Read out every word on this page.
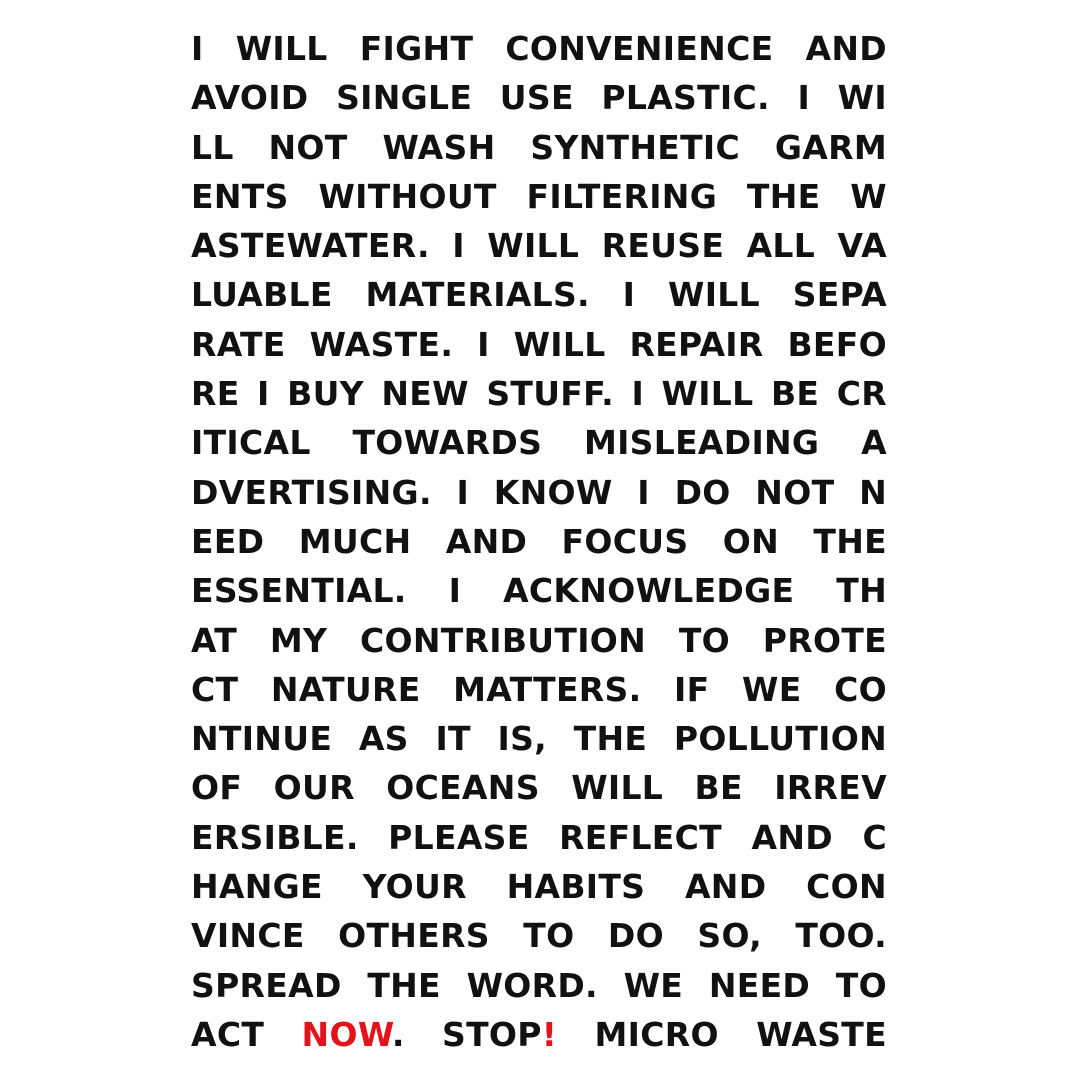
I WILL FIGHT CONVENIENCE AND
AVOID SINGLE USE PLASTIC. I WI
LL NOT WASH SYNTHETIC GARM
ENTS WITHOUT FILTERING THE W
ASTEWATER. I WILL REUSE ALL VA
LUABLE MATERIALS. I WILL SEPA
RATE WASTE. I WILL REPAIR BEFO
RE I BUY NEW STUFF. I WILL BE CR
ITICAL TOWARDS MISLEADING A
DVERTISING. I KNOW I DO NOT N
EED MUCH AND FOCUS ON THE
ESSENTIAL. I ACKNOWLEDGE TH
AT MY CONTRIBUTION TO PROTE
CT NATURE MATTERS. IF WE CO
NTINUE AS IT IS, THE POLLUTION
OF OUR OCEANS WILL BE IRREV
ERSIBLE. PLEASE REFLECT AND C
HANGE YOUR HABITS AND CON
VINCE OTHERS TO DO SO, TOO.
SPREAD THE WORD. WE NEED TO
ACT NOW. STOP! MICRO WASTE
